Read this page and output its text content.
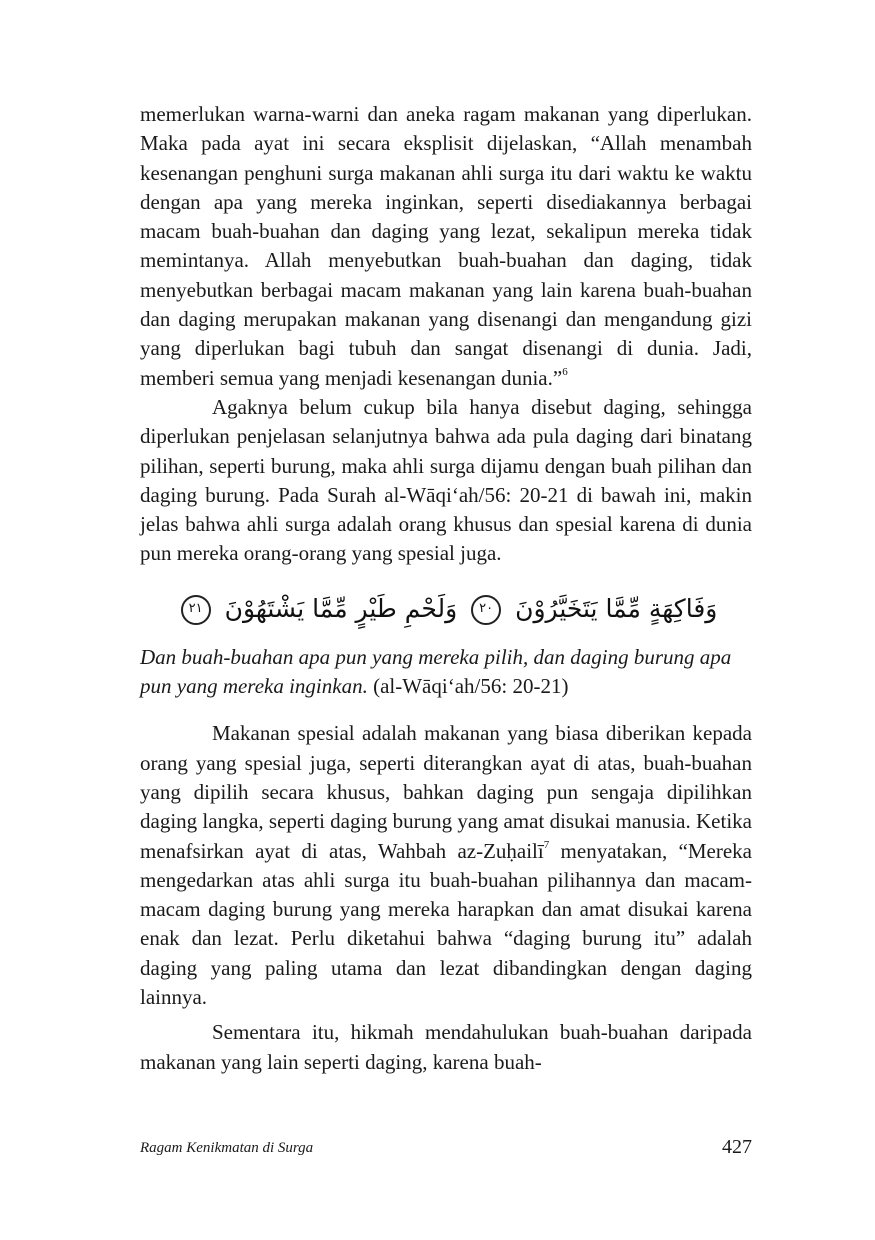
memerlukan warna-warni dan aneka ragam makanan yang diperlukan. Maka pada ayat ini secara eksplisit dijelaskan, “Allah menambah kesenangan penghuni surga makanan ahli surga itu dari waktu ke waktu dengan apa yang mereka inginkan, seperti disediakannya berbagai macam buah-buahan dan daging yang lezat, sekalipun mereka tidak memintanya. Allah menyebutkan buah-buahan dan daging, tidak menyebutkan berbagai macam makanan yang lain karena buah-buahan dan daging merupakan makanan yang disenangi dan mengandung gizi yang diperlukan bagi tubuh dan sangat disenangi di dunia. Jadi, memberi semua yang menjadi kesenangan dunia.”$^6$

Agaknya belum cukup bila hanya disebut daging, sehingga diperlukan penjelasan selanjutnya bahwa ada pula daging dari binatang pilihan, seperti burung, maka ahli surga dijamu dengan buah pilihan dan daging burung. Pada Surah al-Wāqi‘ah/56: 20-21 di bawah ini, makin jelas bahwa ahli surga adalah orang khusus dan spesial karena di dunia pun mereka orang-orang yang spesial juga.

وَفَاكِهَةٍ مِّمَّا يَتَخَيَّرُوْنَ ٢٠ وَلَحْمِ طَيْرٍ مِّمَّا يَشْتَهُوْنَ ٢١

Dan buah-buahan apa pun yang mereka pilih, dan daging burung apa pun yang mereka inginkan. (al-Wāqi‘ah/56: 20-21)

Makanan spesial adalah makanan yang biasa diberikan kepada orang yang spesial juga, seperti diterangkan ayat di atas, buah-buahan yang dipilih secara khusus, bahkan daging pun sengaja dipilihkan daging langka, seperti daging burung yang amat disukai manusia. Ketika menafsirkan ayat di atas, Wahbah az-Zuḥailī$^7$ menyatakan, “Mereka mengedarkan atas ahli surga itu buah-buahan pilihannya dan macam-macam daging burung yang mereka harapkan dan amat disukai karena enak dan lezat. Perlu diketahui bahwa “daging burung itu” adalah daging yang paling utama dan lezat dibandingkan dengan daging lainnya.

Sementara itu, hikmah mendahulukan buah-buahan daripada makanan yang lain seperti daging, karena buah-

Ragam Kenikmatan di Surga	427
